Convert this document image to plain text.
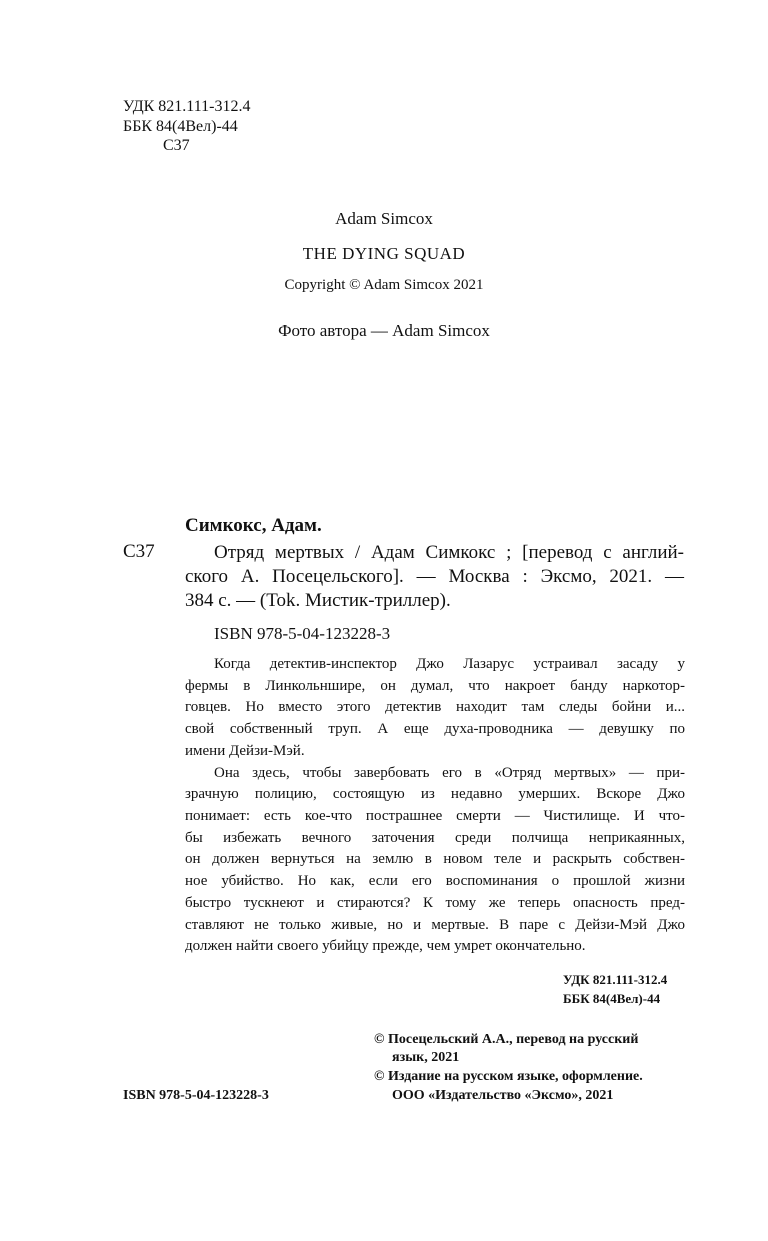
УДК 821.111-312.4
ББК 84(4Вел)-44
С37
Adam Simcox
THE DYING SQUAD
Copyright © Adam Simcox 2021
Фото автора — Adam Simcox
Симкокс, Адам.
С37	Отряд мертвых / Адам Симкокс ; [перевод с англий-
ского А. Посецельского]. — Москва : Эксмо, 2021. —
384 с. — (Tok. Мистик-триллер).
ISBN 978-5-04-123228-3
Когда детектив-инспектор Джо Лазарус устраивал засаду у
фермы в Линкольншире, он думал, что накроет банду наркотор-
говцев. Но вместо этого детектив находит там следы бойни и...
свой собственный труп. А еще духа-проводника — девушку по
имени Дейзи-Мэй.
Она здесь, чтобы завербовать его в «Отряд мертвых» — при-
зрачную полицию, состоящую из недавно умерших. Вскоре Джо
понимает: есть кое-что пострашнее смерти — Чистилище. И что-
бы избежать вечного заточения среди полчища неприкаянных,
он должен вернуться на землю в новом теле и раскрыть собствен-
ное убийство. Но как, если его воспоминания о прошлой жизни
быстро тускнеют и стираются? К тому же теперь опасность пред-
ставляют не только живые, но и мертвые. В паре с Дейзи-Мэй Джо
должен найти своего убийцу прежде, чем умрет окончательно.
УДК 821.111-312.4
ББК 84(4Вел)-44
© Посецельский А.А., перевод на русский
язык, 2021
© Издание на русском языке, оформление.
ISBN 978-5-04-123228-3	ООО «Издательство «Эксмо», 2021
